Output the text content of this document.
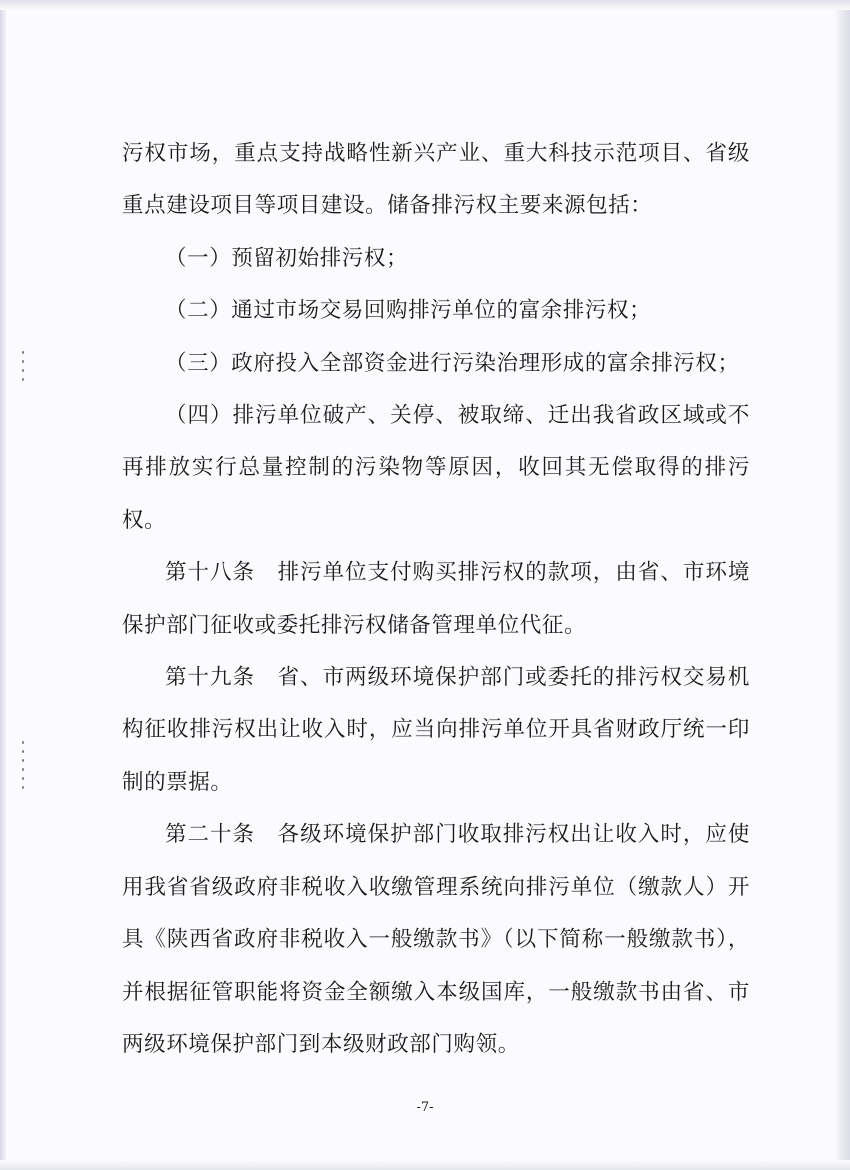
污权市场，重点支持战略性新兴产业、重大科技示范项目、省级重点建设项目等项目建设。储备排污权主要来源包括：

（一）预留初始排污权；

（二）通过市场交易回购排污单位的富余排污权；

（三）政府投入全部资金进行污染治理形成的富余排污权；

（四）排污单位破产、关停、被取缔、迁出我省政区域或不再排放实行总量控制的污染物等原因，收回其无偿取得的排污权。

第十八条　排污单位支付购买排污权的款项，由省、市环境保护部门征收或委托排污权储备管理单位代征。

第十九条　省、市两级环境保护部门或委托的排污权交易机构征收排污权出让收入时，应当向排污单位开具省财政厅统一印制的票据。

第二十条　各级环境保护部门收取排污权出让收入时，应使用我省省级政府非税收入收缴管理系统向排污单位（缴款人）开具《陕西省政府非税收入一般缴款书》（以下简称一般缴款书），并根据征管职能将资金全额缴入本级国库，一般缴款书由省、市两级环境保护部门到本级财政部门购领。

-7-
